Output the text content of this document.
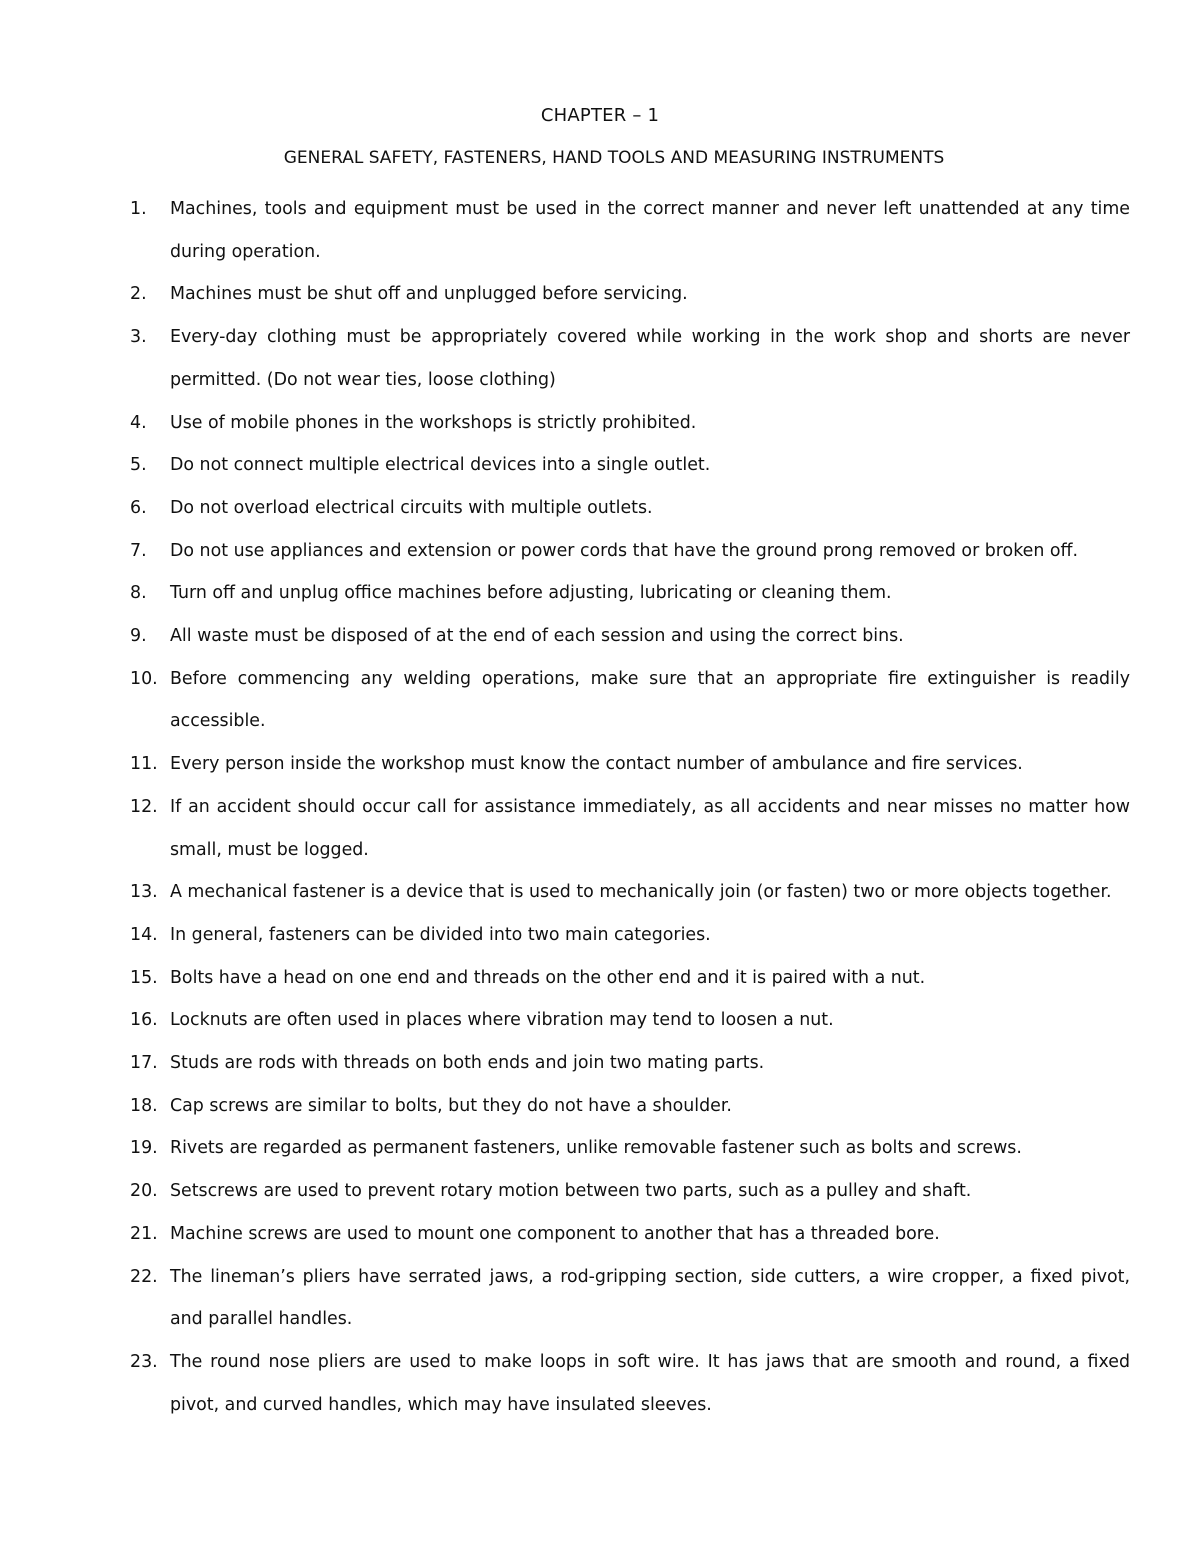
CHAPTER – 1
GENERAL SAFETY, FASTENERS, HAND TOOLS AND MEASURING INSTRUMENTS
1.	Machines, tools and equipment must be used in the correct manner and never left unattended at any time during operation.
2.	Machines must be shut off and unplugged before servicing.
3.	Every-day clothing must be appropriately covered while working in the work shop and shorts are never permitted. (Do not wear ties, loose clothing)
4.	Use of mobile phones in the workshops is strictly prohibited.
5.	Do not connect multiple electrical devices into a single outlet.
6.	Do not overload electrical circuits with multiple outlets.
7.	Do not use appliances and extension or power cords that have the ground prong removed or broken off.
8.	Turn off and unplug office machines before adjusting, lubricating or cleaning them.
9.	All waste must be disposed of at the end of each session and using the correct bins.
10. Before commencing any welding operations, make sure that an appropriate fire extinguisher is readily accessible.
11. Every person inside the workshop must know the contact number of ambulance and fire services.
12. If an accident should occur call for assistance immediately, as all accidents and near misses no matter how small, must be logged.
13. A mechanical fastener is a device that is used to mechanically join (or fasten) two or more objects together.
14. In general, fasteners can be divided into two main categories.
15. Bolts have a head on one end and threads on the other end and it is paired with a nut.
16. Locknuts are often used in places where vibration may tend to loosen a nut.
17. Studs are rods with threads on both ends and join two mating parts.
18. Cap screws are similar to bolts, but they do not have a shoulder.
19. Rivets are regarded as permanent fasteners, unlike removable fastener such as bolts and screws.
20. Setscrews are used to prevent rotary motion between two parts, such as a pulley and shaft.
21. Machine screws are used to mount one component to another that has a threaded bore.
22. The lineman’s pliers have serrated jaws, a rod-gripping section, side cutters, a wire cropper, a fixed pivot, and parallel handles.
23. The round nose pliers are used to make loops in soft wire. It has jaws that are smooth and round, a fixed pivot, and curved handles, which may have insulated sleeves.
